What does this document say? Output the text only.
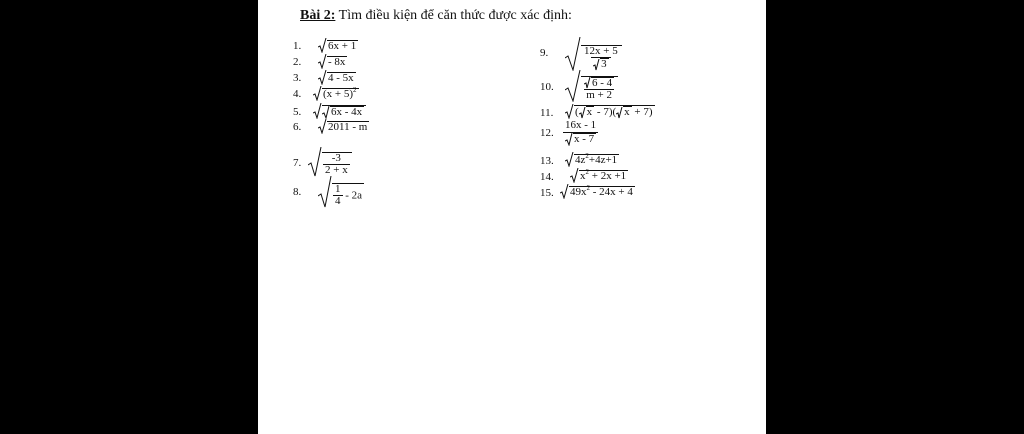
Bài 2: Tìm điều kiện để căn thức được xác định:
1.
2.
3.
4.
5.
6.
7.
8.
9.
10.
11.
12.
13.
14.
15.
6x + 1
- 8x
4 - 5x
$(x + 5)^2$
6x - 4x
2011 - m
$\frac{-3}{2 + x}$
$\frac{1}{4} - 2a$
$\frac{12x + 5}{3}$
$\frac{6 - 4}{m + 2}$
( x - 7)( x + 7)
$\frac{16x - 1}{x - 7}$
$4z^2+4z+1$
$x^2 + 2x +1$
$49x^2 - 24x + 4$
